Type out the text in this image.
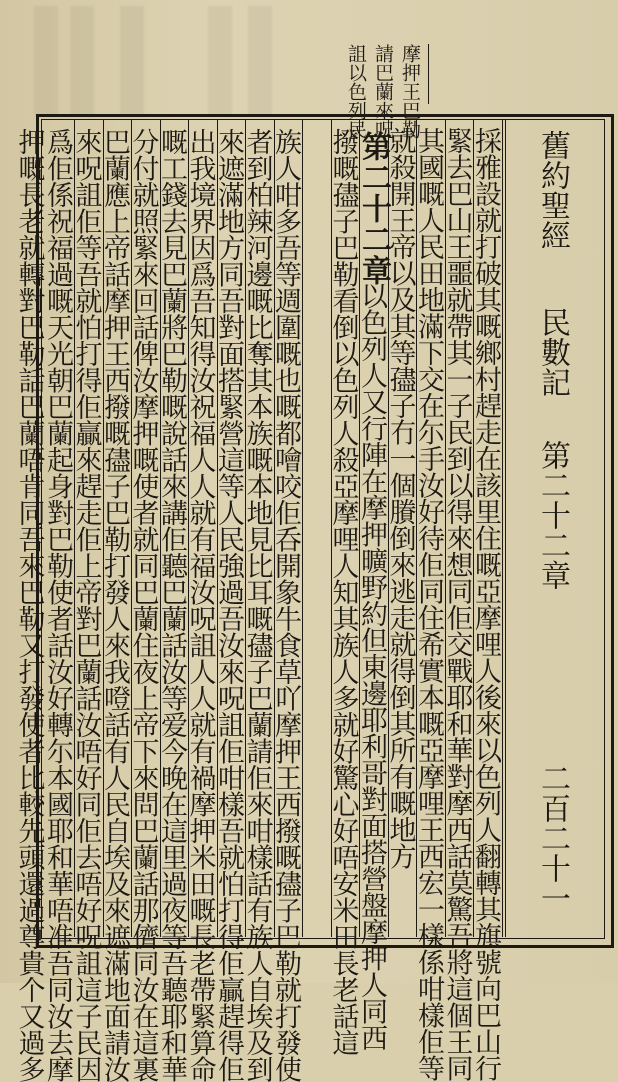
摩押王巴勒
請巴蘭來呪
詛以色列民
舊約聖經
民數記
第二十二章
二百二十一
採雅設就打破其嘅鄉村趕走在該里住嘅亞摩哩人後來以色列人翻轉其旗號向巴山行
緊去巴山王噩就帶其一子民到以得來想同佢交戰耶和華對摩西話莫驚吾將這個王同
其國嘅人民田地滿下交在尓手汝好待佢同住希實本嘅亞摩哩王西宏一樣係咁樣佢等
就殺開王帝以及其等孻子冇一個賸倒來逃走就得倒其所有嘅地方
第二十二章
以色列人又行陣在摩押曠野約但東邊耶利哥對面搭營盤摩押人同西
撥嘅孻子巴勒看倒以色列人殺亞摩哩人知其族人多就好驚心好唔安米田長老話這
族人咁多吾等週圍嘅也嘅都噲咬佢呑開象牛食草吖摩押王西撥嘅孻子巴勒就打發使
者到柏辣河邊嘅比奪其本族嘅本地見比耳嘅孻子巴蘭請佢來咁樣話有族人自埃及到
來遮滿地方同吾對面搭緊營這等人民強過吾汝來呪詛佢咁樣吾就怕打得佢贏趕得佢
出我境界因爲吾知得汝祝福人人就有福汝呪詛人人就有禍摩押米田嘅長老帶緊算命
嘅工錢去見巴蘭將巴勒嘅說話來講佢聽巴蘭話汝等爱今晚在這里過夜等吾聽耶和華
分付就照緊來回話俾汝摩押嘅使者就同巴蘭住夜上帝下來問巴蘭話那儕同汝在這裏
巴蘭應上帝話摩押王西撥嘅孻子巴勒打發人來我噔話有人民自埃及來遮滿地面請汝
來呪詛佢等吾就怕打得佢贏來趕走佢上帝對巴蘭話汝唔好同佢去唔好呪詛這子民因
爲佢係祝福過嘅天光朝巴蘭起身對巴勒使者話汝好轉尓本國耶和華唔准吾同汝去摩
押嘅長老就轉對巴勒話巴蘭唔肯同吾來巴勒又打發使者比較先頭還過尊貴个又過多
